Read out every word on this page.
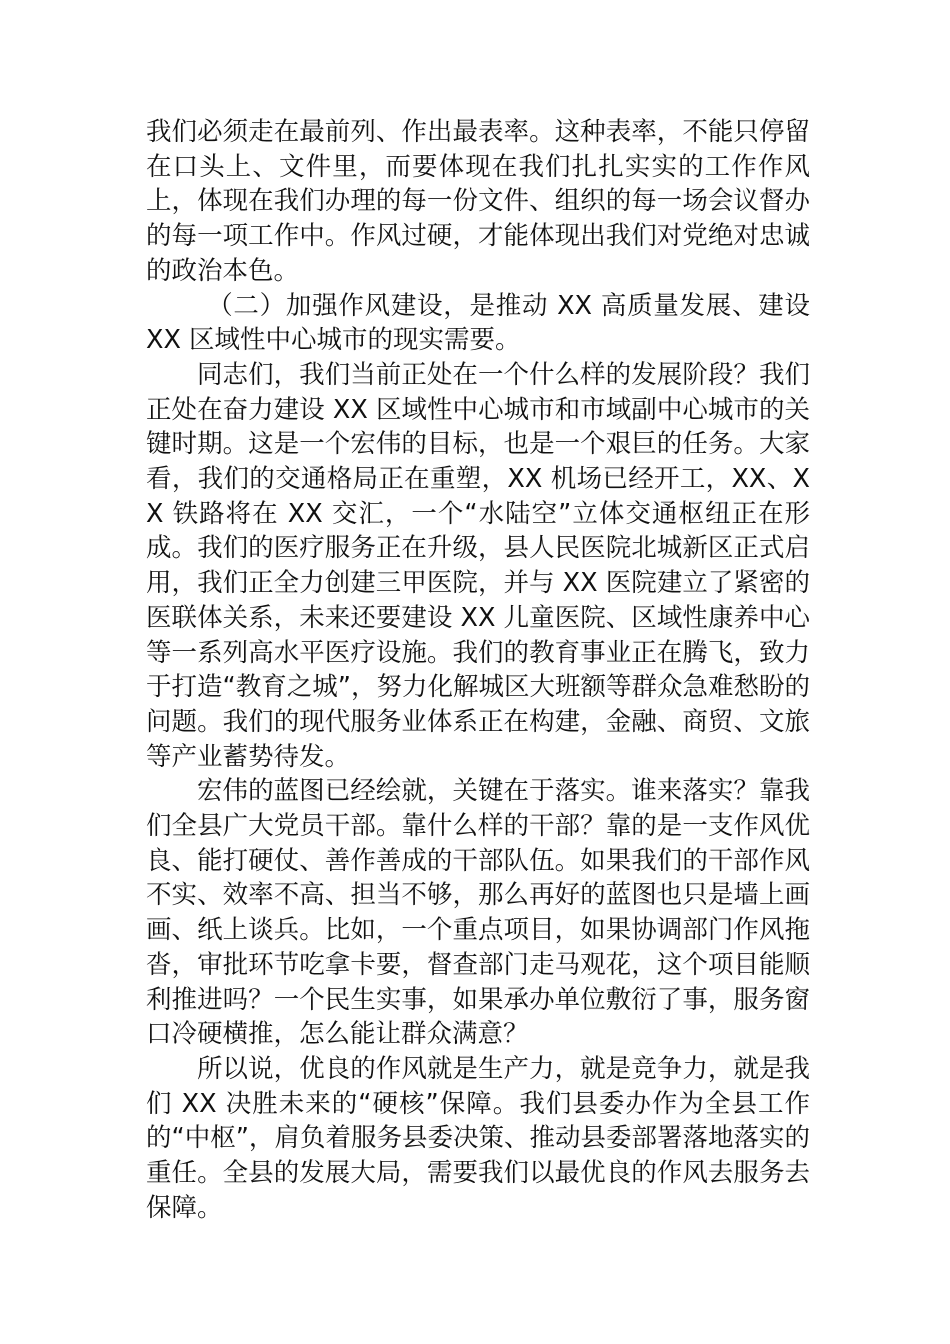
我们必须走在最前列、作出最表率。这种表率，不能只停留在口头上、文件里，而要体现在我们扎扎实实的工作作风上，体现在我们办理的每一份文件、组织的每一场会议督办的每一项工作中。作风过硬，才能体现出我们对党绝对忠诚的政治本色。

（二）加强作风建设，是推动 XX 高质量发展、建设 XX 区域性中心城市的现实需要。

同志们，我们当前正处在一个什么样的发展阶段？我们正处在奋力建设 XX 区域性中心城市和市域副中心城市的关键时期。这是一个宏伟的目标，也是一个艰巨的任务。大家看，我们的交通格局正在重塑，XX 机场已经开工，XX、XX 铁路将在 XX 交汇，一个“水陆空”立体交通枢纽正在形成。我们的医疗服务正在升级，县人民医院北城新区正式启用，我们正全力创建三甲医院，并与 XX 医院建立了紧密的医联体关系，未来还要建设 XX 儿童医院、区域性康养中心等一系列高水平医疗设施。我们的教育事业正在腾飞，致力于打造“教育之城”，努力化解城区大班额等群众急难愁盼的问题。我们的现代服务业体系正在构建，金融、商贸、文旅等产业蓄势待发。

宏伟的蓝图已经绘就，关键在于落实。谁来落实？靠我们全县广大党员干部。靠什么样的干部？靠的是一支作风优良、能打硬仗、善作善成的干部队伍。如果我们的干部作风不实、效率不高、担当不够，那么再好的蓝图也只是墙上画画、纸上谈兵。比如，一个重点项目，如果协调部门作风拖沓，审批环节吃拿卡要，督查部门走马观花，这个项目能顺利推进吗？一个民生实事，如果承办单位敷衍了事，服务窗口冷硬横推，怎么能让群众满意？

所以说，优良的作风就是生产力，就是竞争力，就是我们 XX 决胜未来的“硬核”保障。我们县委办作为全县工作的“中枢”，肩负着服务县委决策、推动县委部署落地落实的重任。全县的发展大局，需要我们以最优良的作风去服务去保障。
